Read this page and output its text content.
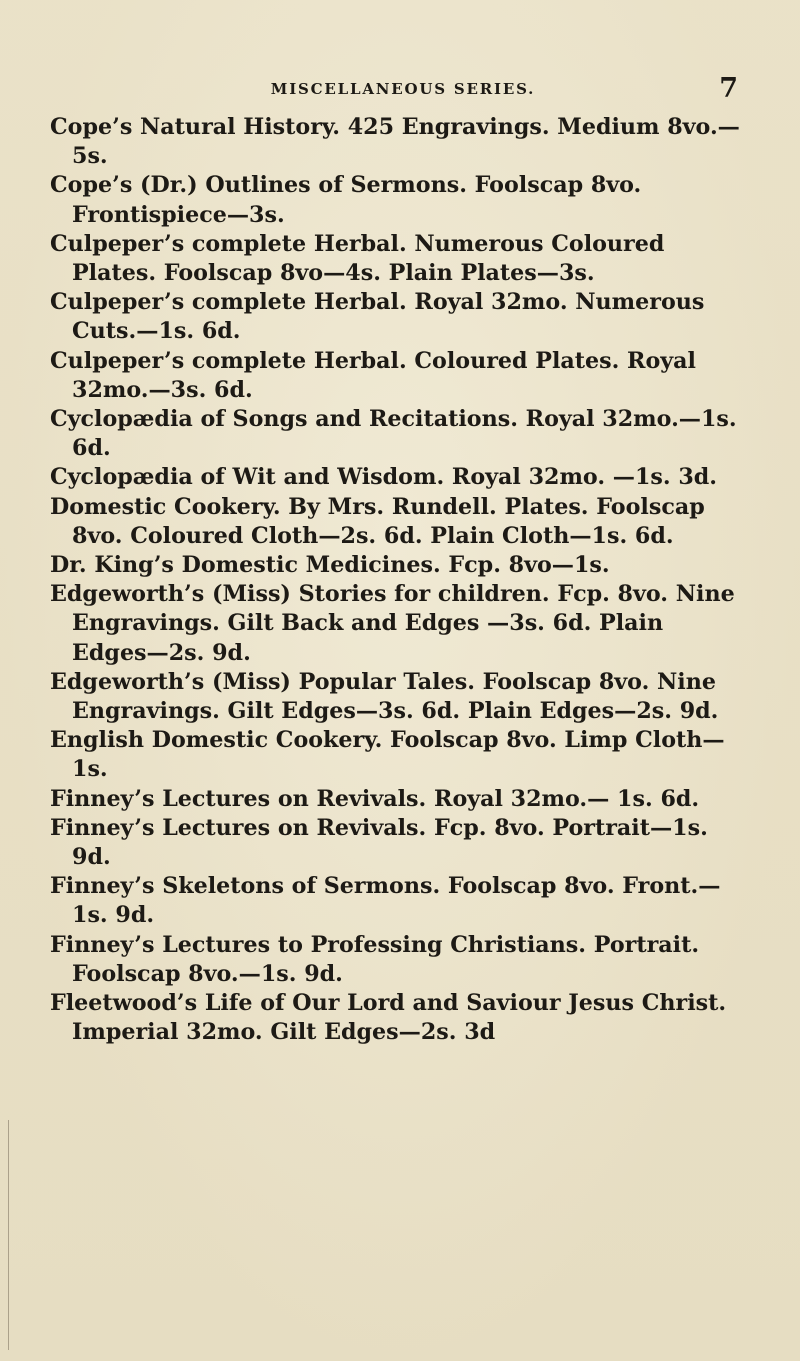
MISCELLANEOUS SERIES.	7
Cope’s Natural History. 425 Engravings. Medium 8vo.—5s.
Cope’s (Dr.) Outlines of Sermons. Foolscap 8vo. Frontispiece—3s.
Culpeper’s complete Herbal. Numerous Coloured Plates. Foolscap 8vo—4s. Plain Plates—3s.
Culpeper’s complete Herbal. Royal 32mo. Numerous Cuts.—1s. 6d.
Culpeper’s complete Herbal. Coloured Plates. Royal 32mo.—3s. 6d.
Cyclopædia of Songs and Recitations. Royal 32mo.—1s. 6d.
Cyclopædia of Wit and Wisdom. Royal 32mo. —1s. 3d.
Domestic Cookery. By Mrs. Rundell. Plates. Foolscap 8vo. Coloured Cloth—2s. 6d. Plain Cloth—1s. 6d.
Dr. King’s Domestic Medicines. Fcp. 8vo—1s.
Edgeworth’s (Miss) Stories for children. Fcp. 8vo. Nine Engravings. Gilt Back and Edges —3s. 6d. Plain Edges—2s. 9d.
Edgeworth’s (Miss) Popular Tales. Foolscap 8vo. Nine Engravings. Gilt Edges—3s. 6d. Plain Edges—2s. 9d.
English Domestic Cookery. Foolscap 8vo. Limp Cloth—1s.
Finney’s Lectures on Revivals. Royal 32mo.— 1s. 6d.
Finney’s Lectures on Revivals. Fcp. 8vo. Portrait—1s. 9d.
Finney’s Skeletons of Sermons. Foolscap 8vo. Front.—1s. 9d.
Finney’s Lectures to Professing Christians. Portrait. Foolscap 8vo.—1s. 9d.
Fleetwood’s Life of Our Lord and Saviour Jesus Christ. Imperial 32mo. Gilt Edges—2s. 3d
